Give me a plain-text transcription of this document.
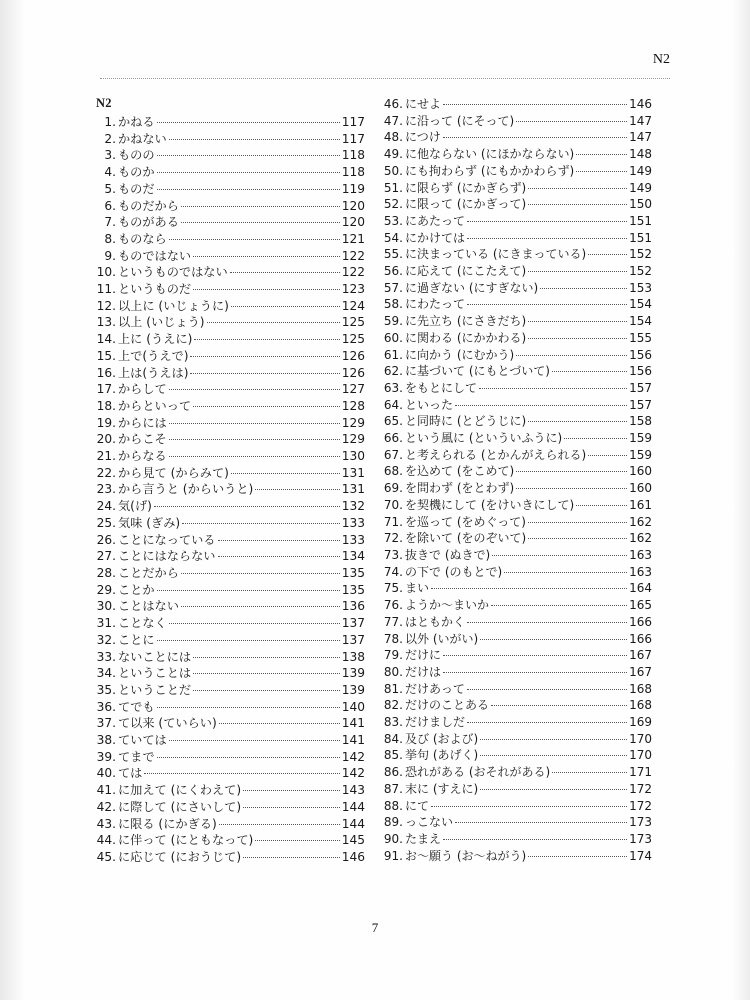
N2
N2
1. かねる	117
2. かねない	117
3. ものの	118
4. ものか	118
5. ものだ	119
6. ものだから	120
7. ものがある	120
8. ものなら	121
9. ものではない	122
10. というものではない	122
11. というものだ	123
12. 以上に (いじょうに)	124
13. 以上 (いじょう)	125
14. 上に (うえに)	125
15. 上で(うえで)	126
16. 上は(うえは)	126
17. からして	127
18. からといって	128
19. からには	129
20. からこそ	129
21. からなる	130
22. から見て (からみて)	131
23. から言うと (からいうと)	131
24. 気(げ)	132
25. 気味 (ぎみ)	133
26. ことになっている	133
27. ことにはならない	134
28. ことだから	135
29. ことか	135
30. ことはない	136
31. ことなく	137
32. ことに	137
33. ないことには	138
34. ということは	139
35. ということだ	139
36. てでも	140
37. て以来 (ていらい)	141
38. ていては	141
39. てまで	142
40. ては	142
41. に加えて (にくわえて)	143
42. に際して (にさいして)	144
43. に限る (にかぎる)	144
44. に伴って (にともなって)	145
45. に応じて (におうじて)	146
46. にせよ	146
47. に沿って (にそって)	147
48. につけ	147
49. に他ならない (にほかならない)	148
50. にも拘わらず (にもかかわらず)	149
51. に限らず (にかぎらず)	149
52. に限って (にかぎって)	150
53. にあたって	151
54. にかけては	151
55. に決まっている (にきまっている)	152
56. に応えて (にこたえて)	152
57. に過ぎない (にすぎない)	153
58. にわたって	154
59. に先立ち (にさきだち)	154
60. に関わる (にかかわる)	155
61. に向かう (にむかう)	156
62. に基づいて (にもとづいて)	156
63. をもとにして	157
64. といった	157
65. と同時に (とどうじに)	158
66. という風に (といういふうに)	159
67. と考えられる (とかんがえられる)	159
68. を込めて (をこめて)	160
69. を問わず (をとわず)	160
70. を契機にして (をけいきにして)	161
71. を巡って (をめぐって)	162
72. を除いて (をのぞいて)	162
73. 抜きで (ぬきで)	163
74. の下で (のもとで)	163
75. まい	164
76. ようか〜まいか	165
77. はともかく	166
78. 以外 (いがい)	166
79. だけに	167
80. だけは	167
81. だけあって	168
82. だけのことある	168
83. だけましだ	169
84. 及び (および)	170
85. 挙句 (あげく)	170
86. 恐れがある (おそれがある)	171
87. 末に (すえに)	172
88. にて	172
89. っこない	173
90. たまえ	173
91. お〜願う (お〜ねがう)	174
7
